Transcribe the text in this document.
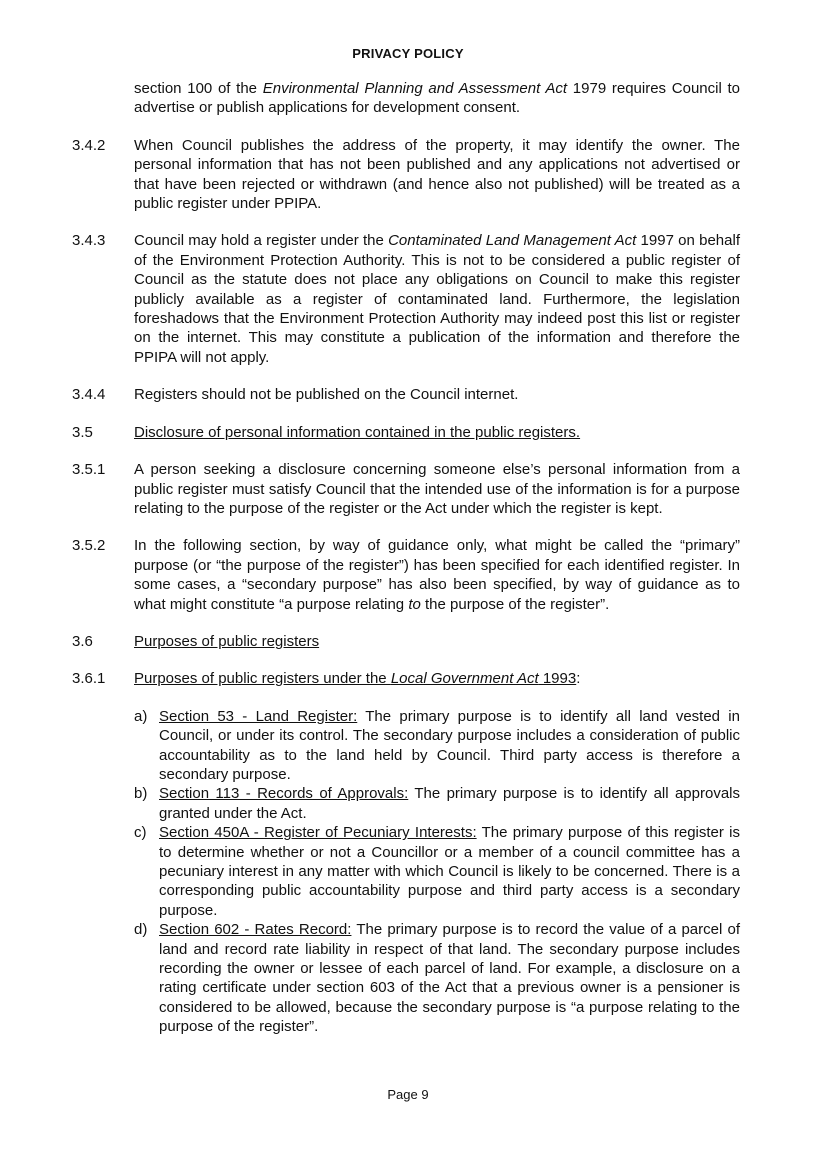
PRIVACY POLICY

section 100 of the Environmental Planning and Assessment Act 1979 requires Council to advertise or publish applications for development consent.

3.4.2	When Council publishes the address of the property, it may identify the owner. The personal information that has not been published and any applications not advertised or that have been rejected or withdrawn (and hence also not published) will be treated as a public register under PPIPA.
3.4.3	Council may hold a register under the Contaminated Land Management Act 1997 on behalf of the Environment Protection Authority. This is not to be considered a public register of Council as the statute does not place any obligations on Council to make this register publicly available as a register of contaminated land. Furthermore, the legislation foreshadows that the Environment Protection Authority may indeed post this list or register on the internet. This may constitute a publication of the information and therefore the PPIPA will not apply.
3.4.4	Registers should not be published on the Council internet.
3.5	Disclosure of personal information contained in the public registers.
3.5.1	A person seeking a disclosure concerning someone else’s personal information from a public register must satisfy Council that the intended use of the information is for a purpose relating to the purpose of the register or the Act under which the register is kept.
3.5.2	In the following section, by way of guidance only, what might be called the “primary” purpose (or “the purpose of the register”) has been specified for each identified register. In some cases, a “secondary purpose” has also been specified, by way of guidance as to what might constitute “a purpose relating to the purpose of the register”.
3.6	Purposes of public registers
3.6.1	Purposes of public registers under the Local Government Act 1993:
a) Section 53 - Land Register: The primary purpose is to identify all land vested in Council, or under its control. The secondary purpose includes a consideration of public accountability as to the land held by Council. Third party access is therefore a secondary purpose.
b) Section 113 - Records of Approvals: The primary purpose is to identify all approvals granted under the Act.
c) Section 450A - Register of Pecuniary Interests: The primary purpose of this register is to determine whether or not a Councillor or a member of a council committee has a pecuniary interest in any matter with which Council is likely to be concerned. There is a corresponding public accountability purpose and third party access is a secondary purpose.
d) Section 602 - Rates Record: The primary purpose is to record the value of a parcel of land and record rate liability in respect of that land. The secondary purpose includes recording the owner or lessee of each parcel of land. For example, a disclosure on a rating certificate under section 603 of the Act that a previous owner is a pensioner is considered to be allowed, because the secondary purpose is “a purpose relating to the purpose of the register”.
Page 9
